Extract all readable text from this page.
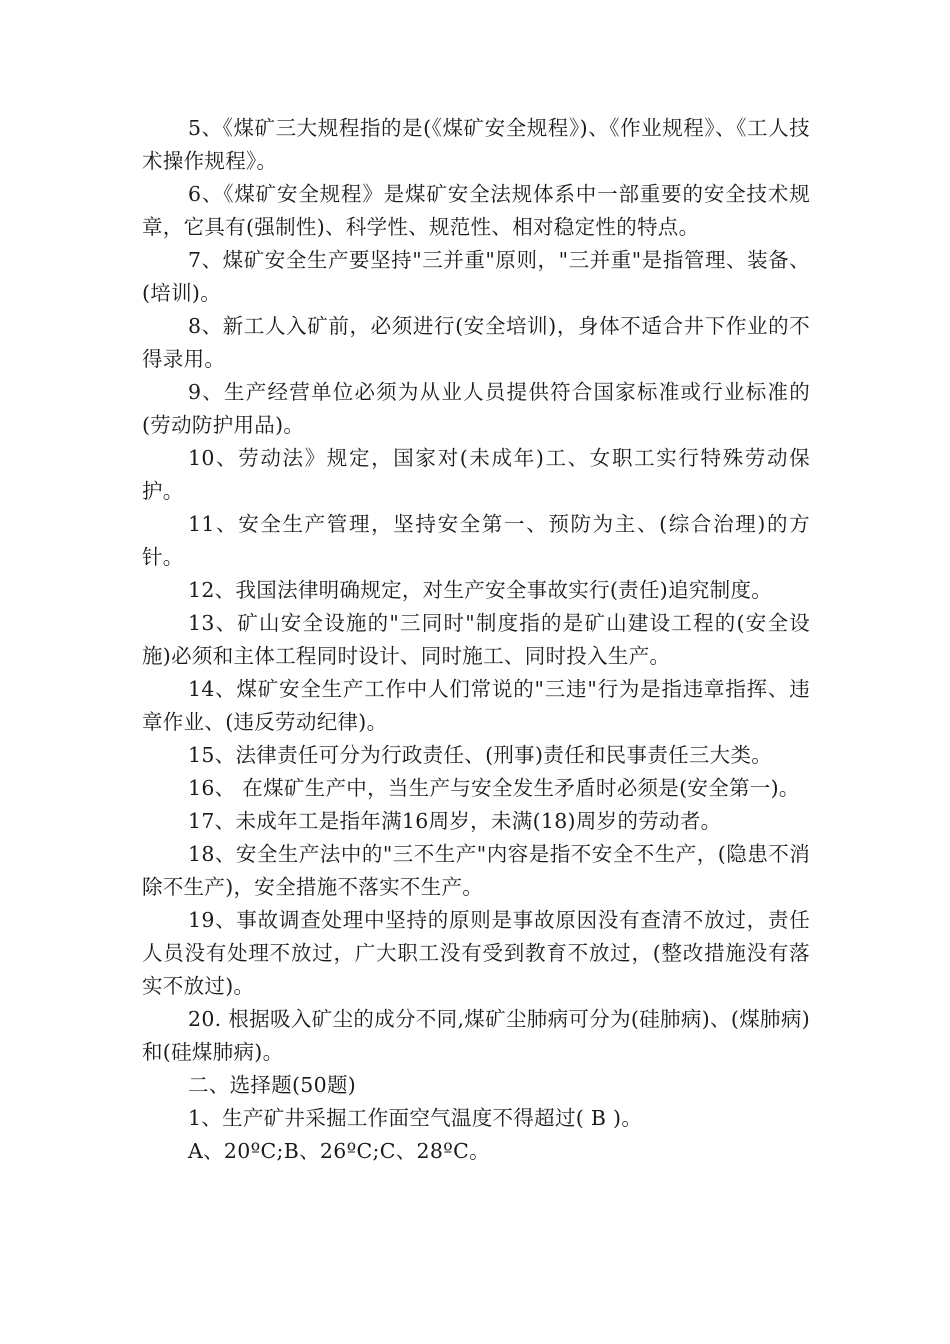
5、《煤矿三大规程指的是(《煤矿安全规程》)、《作业规程》、《工人技术操作规程》。

6、《煤矿安全规程》是煤矿安全法规体系中一部重要的安全技术规章，它具有(强制性)、科学性、规范性、相对稳定性的特点。

7、煤矿安全生产要坚持"三并重"原则，"三并重"是指管理、装备、(培训)。

8、新工人入矿前，必须进行(安全培训)，身体不适合井下作业的不得录用。

9、生产经营单位必须为从业人员提供符合国家标准或行业标准的(劳动防护用品)。

10、劳动法》规定，国家对(未成年)工、女职工实行特殊劳动保护。

11、安全生产管理，坚持安全第一、预防为主、(综合治理)的方针。

12、我国法律明确规定，对生产安全事故实行(责任)追究制度。

13、矿山安全设施的"三同时"制度指的是矿山建设工程的(安全设施)必须和主体工程同时设计、同时施工、同时投入生产。

14、煤矿安全生产工作中人们常说的"三违"行为是指违章指挥、违章作业、(违反劳动纪律)。

15、法律责任可分为行政责任、(刑事)责任和民事责任三大类。

16、 在煤矿生产中，当生产与安全发生矛盾时必须是(安全第一)。

17、未成年工是指年满16周岁，未满(18)周岁的劳动者。

18、安全生产法中的"三不生产"内容是指不安全不生产，(隐患不消除不生产)，安全措施不落实不生产。

19、事故调查处理中坚持的原则是事故原因没有查清不放过，责任人员没有处理不放过，广大职工没有受到教育不放过，(整改措施没有落实不放过)。

20. 根据吸入矿尘的成分不同,煤矿尘肺病可分为(硅肺病)、(煤肺病)和(硅煤肺病)。

二、选择题(50题)

1、生产矿井采掘工作面空气温度不得超过( B )。

A、20ºC;B、26ºC;C、28ºC。
